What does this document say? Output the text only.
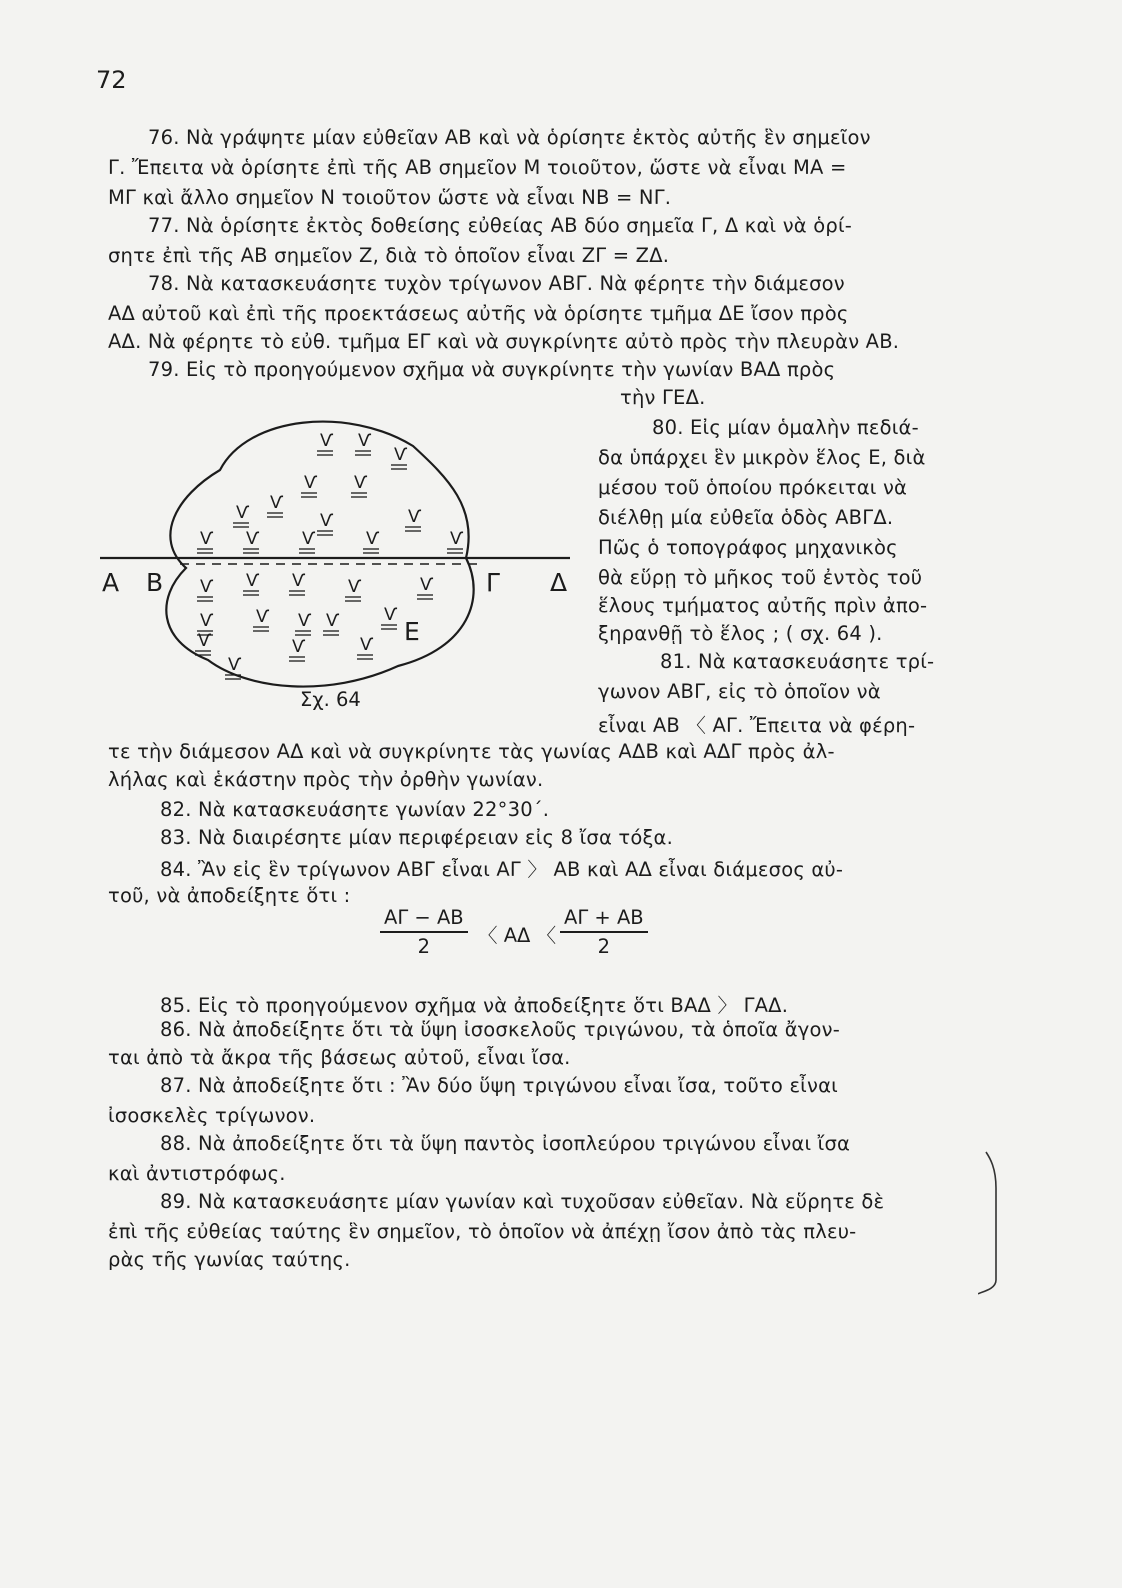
72
76. Νὰ γράψητε μίαν εὐθεῖαν ΑΒ καὶ νὰ ὁρίσητε ἐκτὸς αὐτῆς ἓν σημεῖον
Γ. Ἔπειτα νὰ ὁρίσητε ἐπὶ τῆς ΑΒ σημεῖον Μ τοιοῦτον, ὥστε νὰ εἶναι ΜΑ =
ΜΓ καὶ ἄλλο σημεῖον Ν τοιοῦτον ὥστε νὰ εἶναι ΝΒ = ΝΓ.
77. Νὰ ὁρίσητε ἐκτὸς δοθείσης εὐθείας ΑΒ δύο σημεῖα Γ, Δ καὶ νὰ ὁρί-
σητε ἐπὶ τῆς ΑΒ σημεῖον Ζ, διὰ τὸ ὁποῖον εἶναι ΖΓ = ΖΔ.
78. Νὰ κατασκευάσητε τυχὸν τρίγωνον ΑΒΓ. Νὰ φέρητε τὴν διάμεσον
ΑΔ αὐτοῦ καὶ ἐπὶ τῆς προεκτάσεως αὐτῆς νὰ ὁρίσητε τμῆμα ΔΕ ἴσον πρὸς
ΑΔ. Νὰ φέρητε τὸ εὐθ. τμῆμα ΕΓ καὶ νὰ συγκρίνητε αὐτὸ πρὸς τὴν πλευρὰν ΑΒ.
79. Εἰς τὸ προηγούμενον σχῆμα νὰ συγκρίνητε τὴν γωνίαν ΒΑΔ πρὸς
τὴν ΓΕΔ.
80. Εἰς μίαν ὁμαλὴν πεδιά-
δα ὑπάρχει ἓν μικρὸν ἕλος Ε, διὰ
μέσου τοῦ ὁποίου πρόκειται νὰ
διέλθῃ μία εὐθεῖα ὁδὸς ΑΒΓΔ.
Πῶς ὁ τοπογράφος μηχανικὸς
θὰ εὕρῃ τὸ μῆκος τοῦ ἐντὸς τοῦ
ἕλους τμήματος αὐτῆς πρὶν ἀπο-
ξηρανθῇ τὸ ἕλος ; ( σχ. 64 ).
81. Νὰ κατασκευάσητε τρί-
γωνον ΑΒΓ, εἰς τὸ ὁποῖον νὰ
εἶναι ΑΒ 〈 ΑΓ. Ἔπειτα νὰ φέρη-
τε τὴν διάμεσον ΑΔ καὶ νὰ συγκρίνητε τὰς γωνίας ΑΔΒ καὶ ΑΔΓ πρὸς ἀλ-
λήλας καὶ ἑκάστην πρὸς τὴν ὀρθὴν γωνίαν.
82. Νὰ κατασκευάσητε γωνίαν 22°30΄.
83. Νὰ διαιρέσητε μίαν περιφέρειαν εἰς 8 ἴσα τόξα.
84. Ἂν εἰς ἓν τρίγωνον ΑΒΓ εἶναι ΑΓ 〉 ΑΒ καὶ ΑΔ εἶναι διάμεσος αὐ-
τοῦ, νὰ ἀποδείξητε ὅτι :
85. Εἰς τὸ προηγούμενον σχῆμα νὰ ἀποδείξητε ὅτι ΒΑΔ 〉 ΓΑΔ.
86. Νὰ ἀποδείξητε ὅτι τὰ ὕψη ἰσοσκελοῦς τριγώνου, τὰ ὁποῖα ἄγον-
ται ἀπὸ τὰ ἄκρα τῆς βάσεως αὐτοῦ, εἶναι ἴσα.
87. Νὰ ἀποδείξητε ὅτι : Ἂν δύο ὕψη τριγώνου εἶναι ἴσα, τοῦτο εἶναι
ἰσοσκελὲς τρίγωνον.
88. Νὰ ἀποδείξητε ὅτι τὰ ὕψη παντὸς ἰσοπλεύρου τριγώνου εἶναι ἴσα
καὶ ἀντιστρόφως.
89. Νὰ κατασκευάσητε μίαν γωνίαν καὶ τυχοῦσαν εὐθεῖαν. Νὰ εὕρητε δὲ
ἐπὶ τῆς εὐθείας ταύτης ἓν σημεῖον, τὸ ὁποῖον νὰ ἀπέχῃ ἴσον ἀπὸ τὰς πλευ-
ρὰς τῆς γωνίας ταύτης.
Ѵ Ѵ
Ѵ
Ѵ Ѵ
Ѵ Ѵ
Ѵ	Ѵ
Ѵ Ѵ	Ѵ	Ѵ	Ѵ
Ѵ Ѵ Ѵ	Ѵ	Ѵ
Ѵ	Ѵ Ѵ Ѵ	Ѵ
Ѵ	Ѵ	Ѵ
Ѵ
Α Β	Γ Δ
Ε
Σχ. 64
$\frac{A\Gamma - AB}{2}$ 〈 ΑΔ 〈 $\frac{A\Gamma + AB}{2}$
